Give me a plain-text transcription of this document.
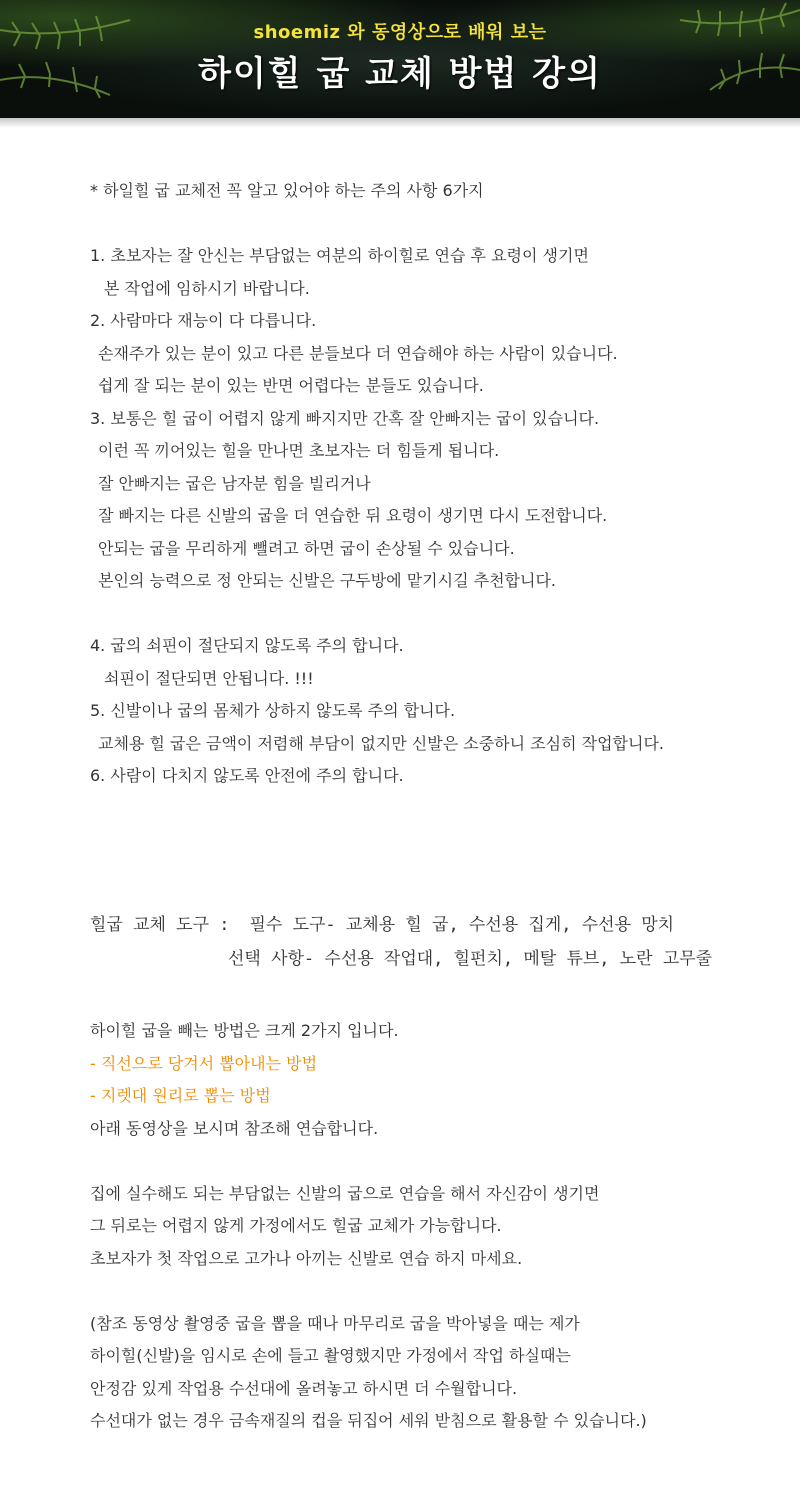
shoemiz 와 동영상으로 배워 보는
하이힐 굽 교체 방법 강의
* 하일힐 굽 교체전 꼭 알고 있어야 하는 주의 사항 6가지
1. 초보자는 잘 안신는 부담없는 여분의 하이힐로 연습 후 요령이 생기면
본 작업에 임하시기 바랍니다.
2. 사람마다 재능이 다 다릅니다.
손재주가 있는 분이 있고 다른 분들보다 더 연습해야 하는 사람이 있습니다.
쉽게 잘 되는 분이 있는 반면 어렵다는 분들도 있습니다.
3. 보통은 힐 굽이 어렵지 않게 빠지지만 간혹 잘 안빠지는 굽이 있습니다.
이런 꼭 끼어있는 힐을 만나면 초보자는 더 힘들게 됩니다.
잘 안빠지는 굽은 남자분 힘을 빌리거나
잘 빠지는 다른 신발의 굽을 더 연습한 뒤 요령이 생기면 다시 도전합니다.
안되는 굽을 무리하게 뺄려고 하면 굽이 손상될 수 있습니다.
본인의 능력으로 정 안되는 신발은 구두방에 맡기시길 추천합니다.
4. 굽의 쇠핀이 절단되지 않도록 주의 합니다.
쇠핀이 절단되면 안됩니다. !!!
5. 신발이나 굽의 몸체가 상하지 않도록 주의 합니다.
교체용 힐 굽은 금액이 저렴해 부담이 없지만 신발은 소중하니 조심히 작업합니다.
6. 사람이 다치지 않도록 안전에 주의 합니다.
힐굽 교체 도구 : 필수 도구- 교체용 힐 굽, 수선용 집게, 수선용 망치
선택 사항- 수선용 작업대, 힐펀치, 메탈 튜브, 노란 고무줄
하이힐 굽을 빼는 방법은 크게 2가지 입니다.
- 직선으로 당겨서 뽑아내는 방법
- 지렛대 원리로 뽑는 방법
아래 동영상을 보시며 참조해 연습합니다.
집에 실수해도 되는 부담없는 신발의 굽으로 연습을 해서 자신감이 생기면
그 뒤로는 어렵지 않게 가정에서도 힐굽 교체가 가능합니다.
초보자가 첫 작업으로 고가나 아끼는 신발로 연습 하지 마세요.
(참조 동영상 촬영중 굽을 뽑을 때나 마무리로 굽을 박아넣을 때는 제가
하이힐(신발)을 임시로 손에 들고 촬영했지만 가정에서 작업 하실때는
안정감 있게 작업용 수선대에 올려놓고 하시면 더 수월합니다.
수선대가 없는 경우 금속재질의 컵을 뒤집어 세워 받침으로 활용할 수 있습니다.)
